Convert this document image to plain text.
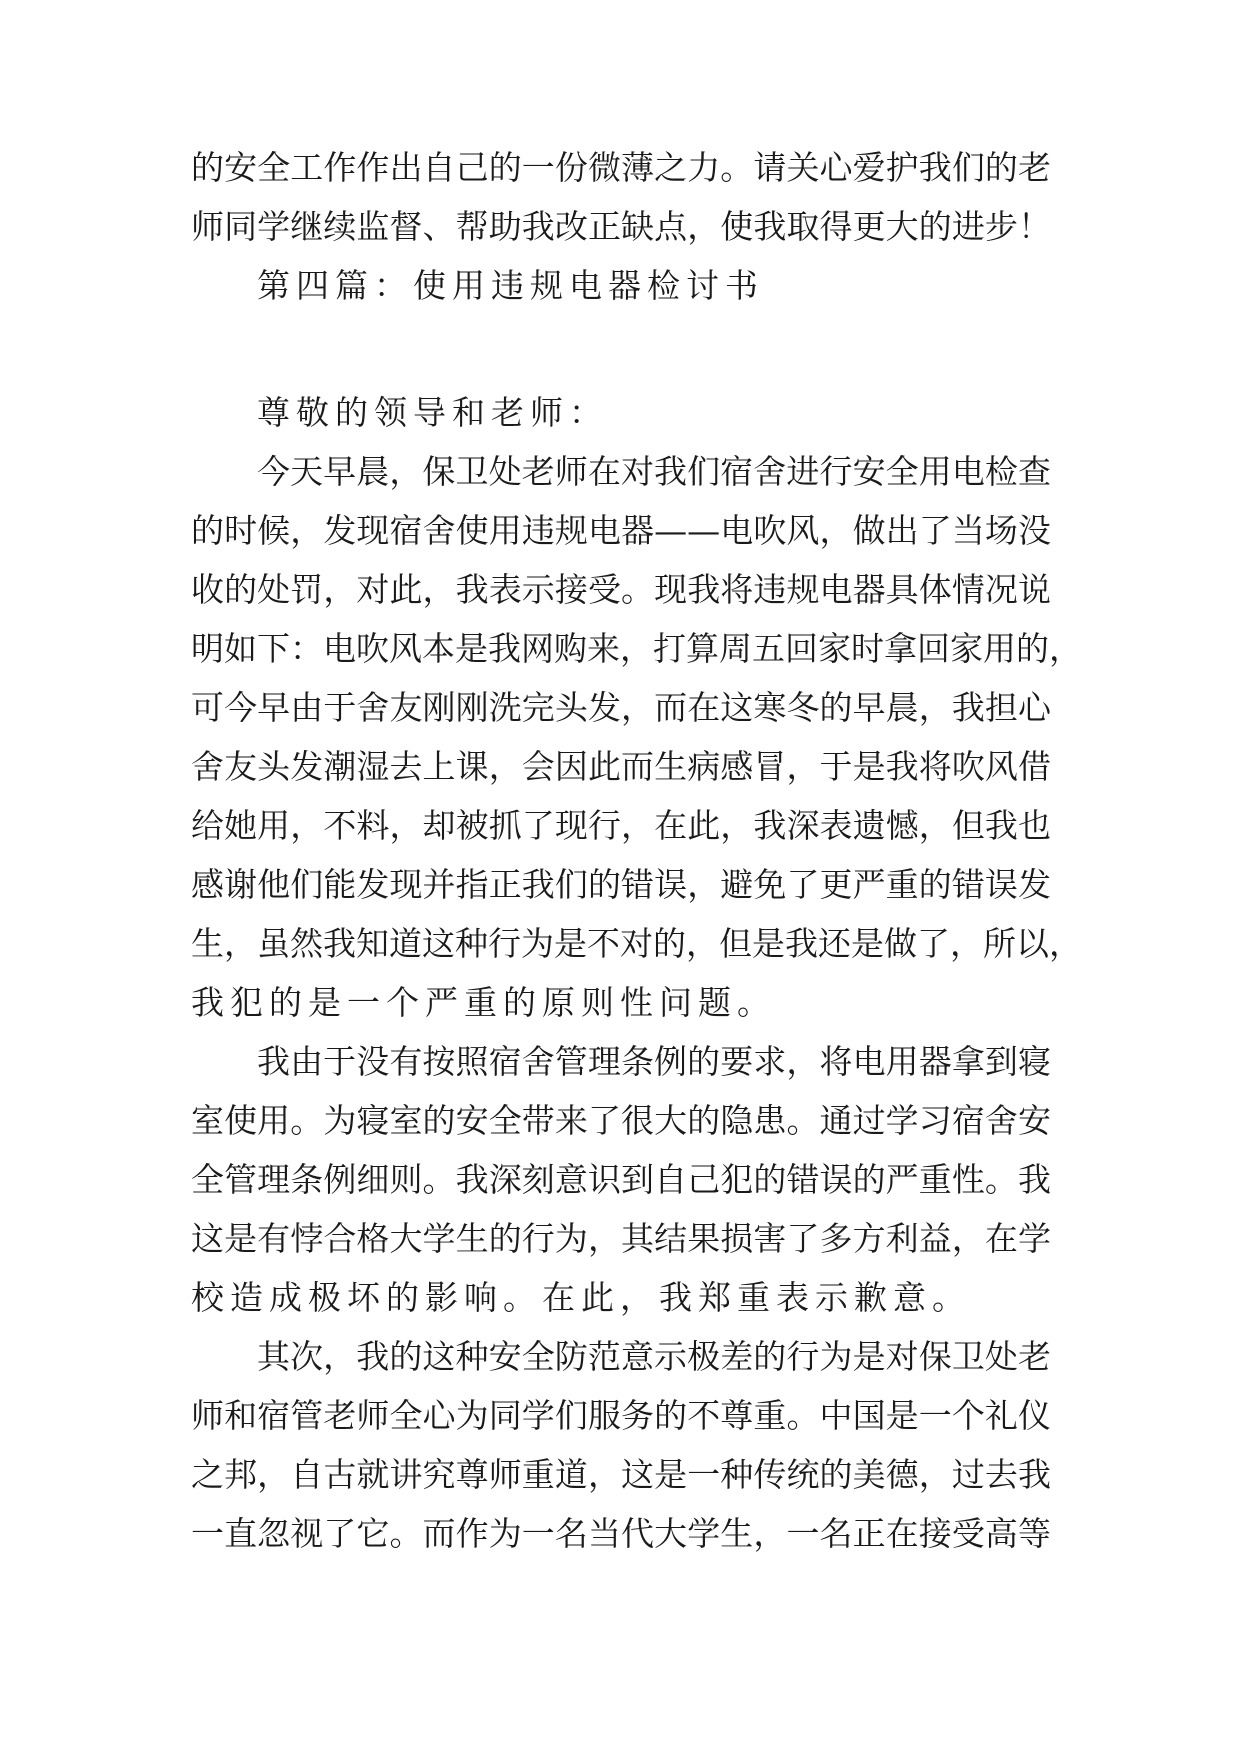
的安全工作作出自己的一份微薄之力。请关心爱护我们的老
师同学继续监督、帮助我改正缺点，使我取得更大的进步！
第四篇：使用违规电器检讨书
尊敬的领导和老师：
今天早晨，保卫处老师在对我们宿舍进行安全用电检查
的时候，发现宿舍使用违规电器——电吹风，做出了当场没
收的处罚，对此，我表示接受。现我将违规电器具体情况说
明如下：电吹风本是我网购来，打算周五回家时拿回家用的，
可今早由于舍友刚刚洗完头发，而在这寒冬的早晨，我担心
舍友头发潮湿去上课，会因此而生病感冒，于是我将吹风借
给她用，不料，却被抓了现行，在此，我深表遗憾，但我也
感谢他们能发现并指正我们的错误，避免了更严重的错误发
生，虽然我知道这种行为是不对的，但是我还是做了，所以，
我犯的是一个严重的原则性问题。
我由于没有按照宿舍管理条例的要求，将电用器拿到寝
室使用。为寝室的安全带来了很大的隐患。通过学习宿舍安
全管理条例细则。我深刻意识到自己犯的错误的严重性。我
这是有悖合格大学生的行为，其结果损害了多方利益，在学
校造成极坏的影响。在此，我郑重表示歉意。
其次，我的这种安全防范意示极差的行为是对保卫处老
师和宿管老师全心为同学们服务的不尊重。中国是一个礼仪
之邦，自古就讲究尊师重道，这是一种传统的美德，过去我
一直忽视了它。而作为一名当代大学生，一名正在接受高等
